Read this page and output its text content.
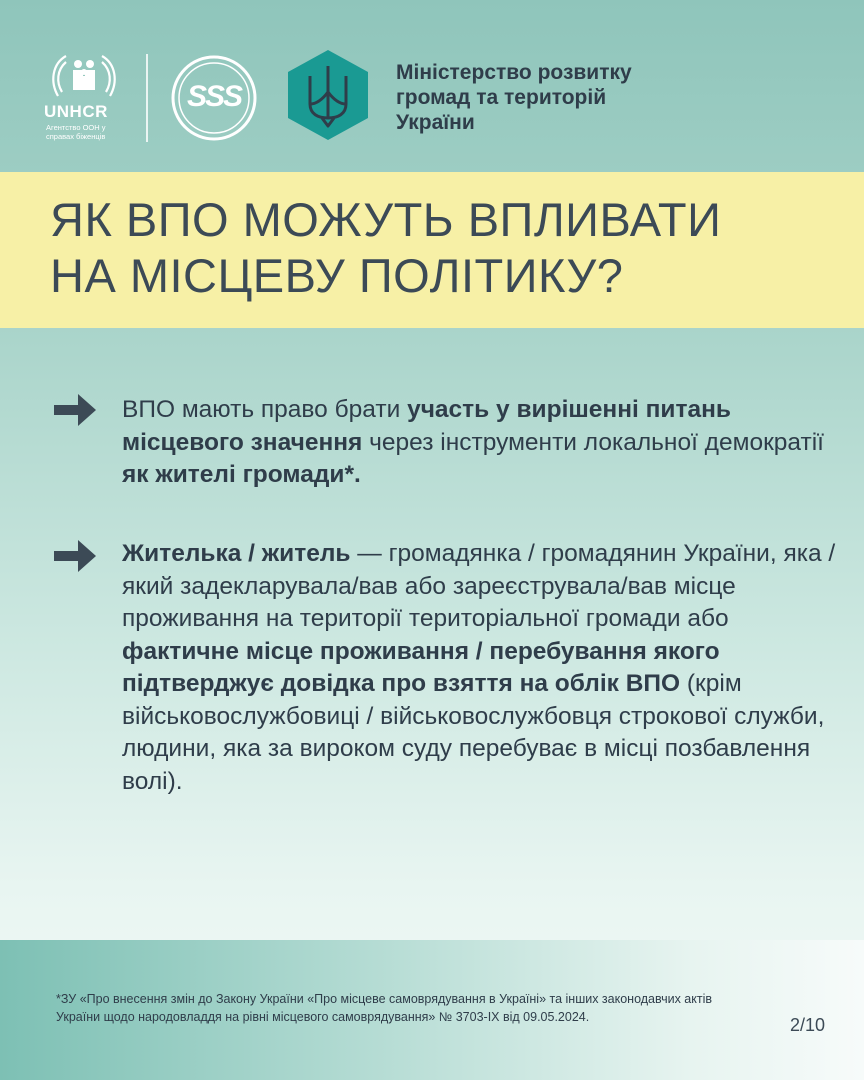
UNHCR
Агентство ООН у справах біженців
SSS
Міністерство розвитку
громад та територій
України
ЯК ВПО МОЖУТЬ ВПЛИВАТИ
НА МІСЦЕВУ ПОЛІТИКУ?
ВПО мають право брати участь у вирішенні питань місцевого значення через інструменти локальної демократії як жителі громади*.
Жителька / житель — громадянка / громадянин України, яка / який задекларувала/вав або зареєструвала/вав місце проживання на території територіальної громади або фактичне місце проживання / перебування якого підтверджує довідка про взяття на облік ВПО (крім військовослужбовиці / військовослужбовця строкової служби, людини, яка за вироком суду перебуває в місці позбавлення волі).
*ЗУ «Про внесення змін до Закону України «Про місцеве самоврядування в Україні» та інших законодавчих актів України щодо народовладдя на рівні місцевого самоврядування» № 3703-IX від 09.05.2024.	2/10
